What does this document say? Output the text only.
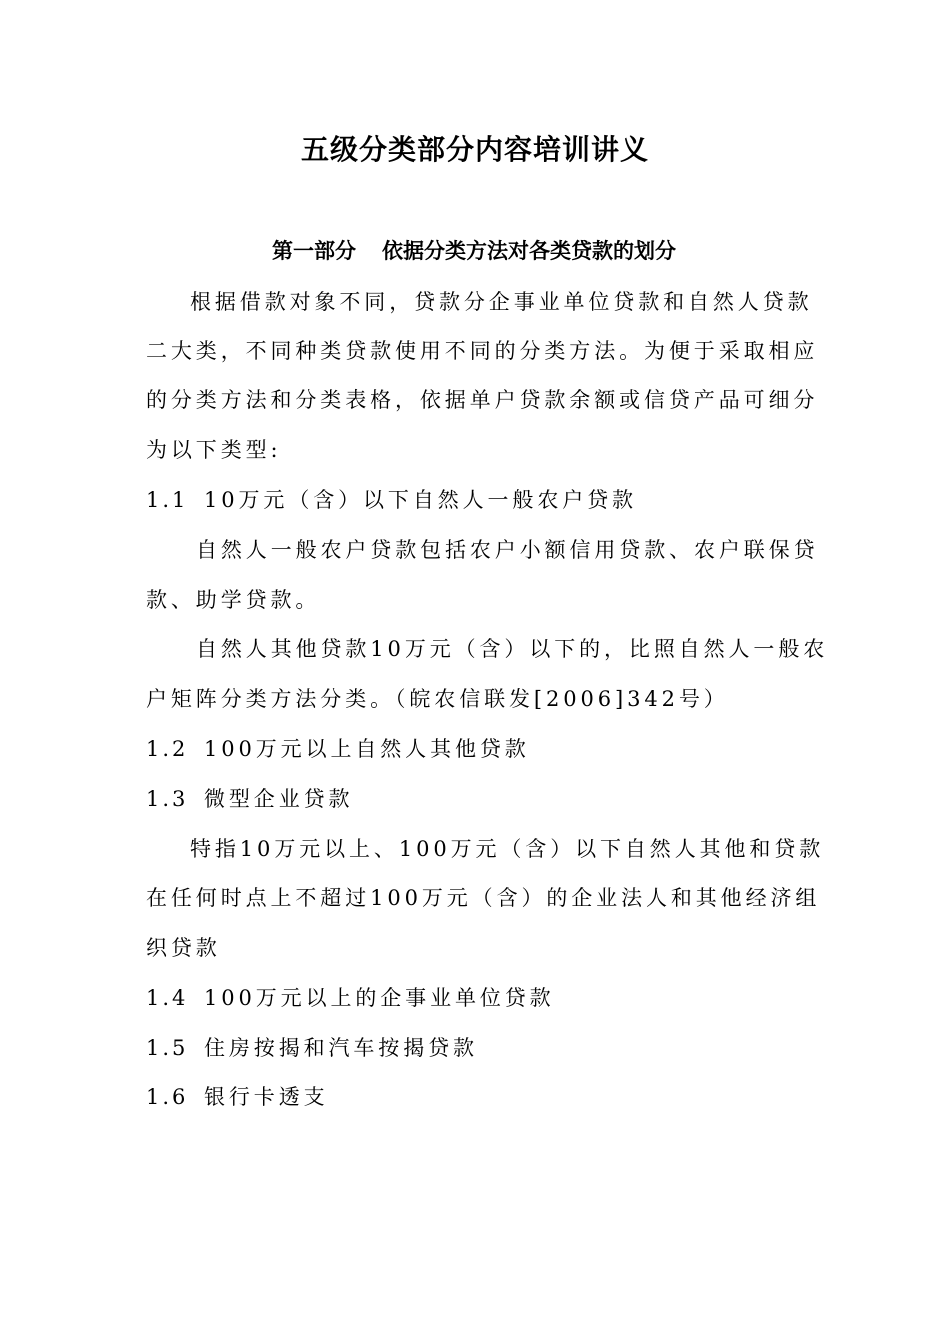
五级分类部分内容培训讲义
第一部分 依据分类方法对各类贷款的划分
根据借款对象不同，贷款分企事业单位贷款和自然人贷款
二大类，不同种类贷款使用不同的分类方法。为便于采取相应
的分类方法和分类表格，依据单户贷款余额或信贷产品可细分
为以下类型:
1.1 10万元（含）以下自然人一般农户贷款
自然人一般农户贷款包括农户小额信用贷款、农户联保贷
款、助学贷款。
自然人其他贷款10万元（含）以下的，比照自然人一般农
户矩阵分类方法分类。（皖农信联发[2006]342号）
1.2 100万元以上自然人其他贷款
1.3 微型企业贷款
特指10万元以上、100万元（含）以下自然人其他和贷款
在任何时点上不超过100万元（含）的企业法人和其他经济组
织贷款
1.4 100万元以上的企事业单位贷款
1.5 住房按揭和汽车按揭贷款
1.6 银行卡透支
